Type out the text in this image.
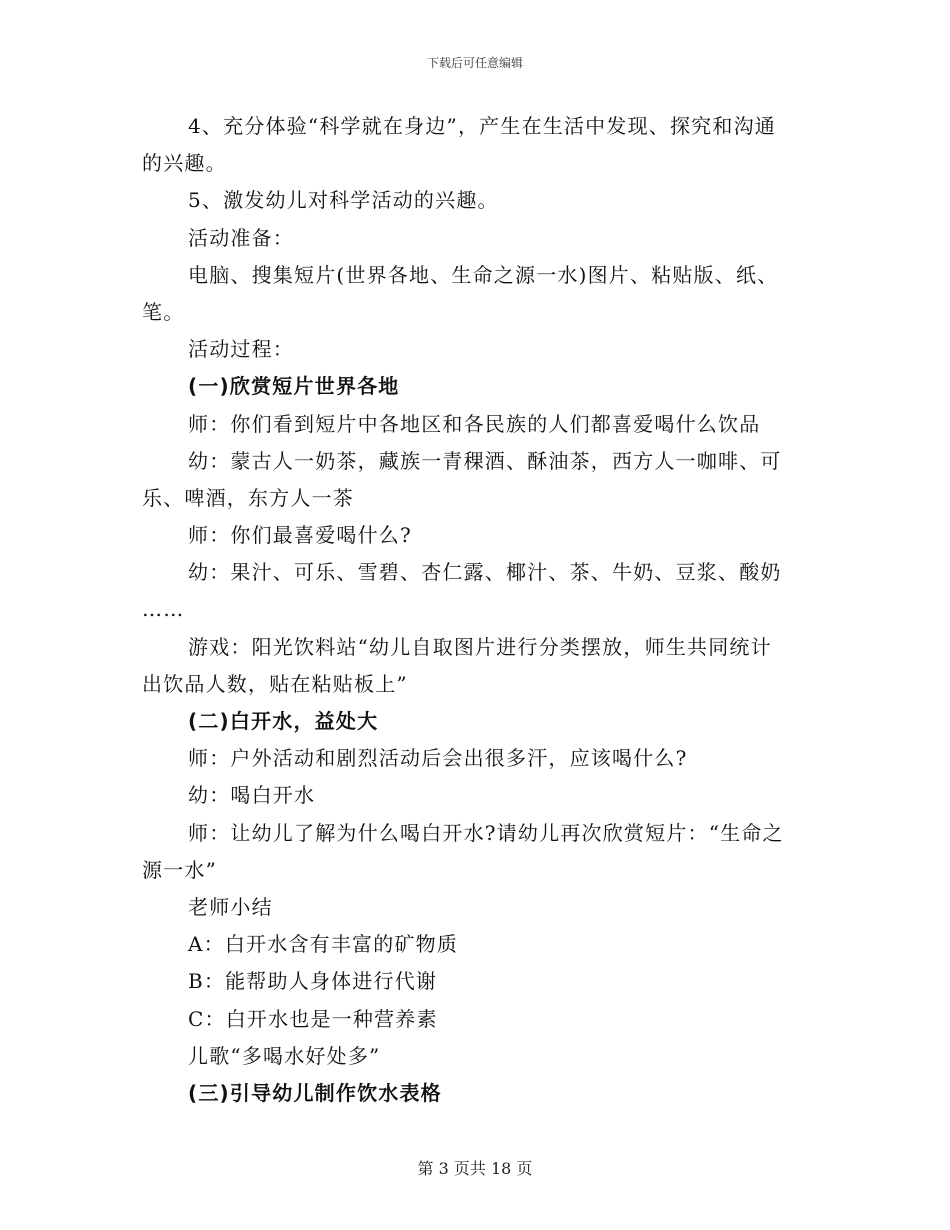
下载后可任意编辑
4、充分体验“科学就在身边”，产生在生活中发现、探究和沟通
的兴趣。
5、激发幼儿对科学活动的兴趣。
活动准备：
电脑、搜集短片(世界各地、生命之源一水)图片、粘贴版、纸、
笔。
活动过程：
(一)欣赏短片世界各地
师：你们看到短片中各地区和各民族的人们都喜爱喝什么饮品
幼：蒙古人一奶茶，藏族一青稞酒、酥油茶，西方人一咖啡、可
乐、啤酒，东方人一茶
师：你们最喜爱喝什么?
幼：果汁、可乐、雪碧、杏仁露、椰汁、茶、牛奶、豆浆、酸奶
……
游戏：阳光饮料站“幼儿自取图片进行分类摆放，师生共同统计
出饮品人数，贴在粘贴板上”
(二)白开水，益处大
师：户外活动和剧烈活动后会出很多汗，应该喝什么?
幼：喝白开水
师：让幼儿了解为什么喝白开水?请幼儿再次欣赏短片：“生命之
源一水”
老师小结
A：白开水含有丰富的矿物质
B：能帮助人身体进行代谢
C：白开水也是一种营养素
儿歌“多喝水好处多”
(三)引导幼儿制作饮水表格
第 3 页共 18 页
